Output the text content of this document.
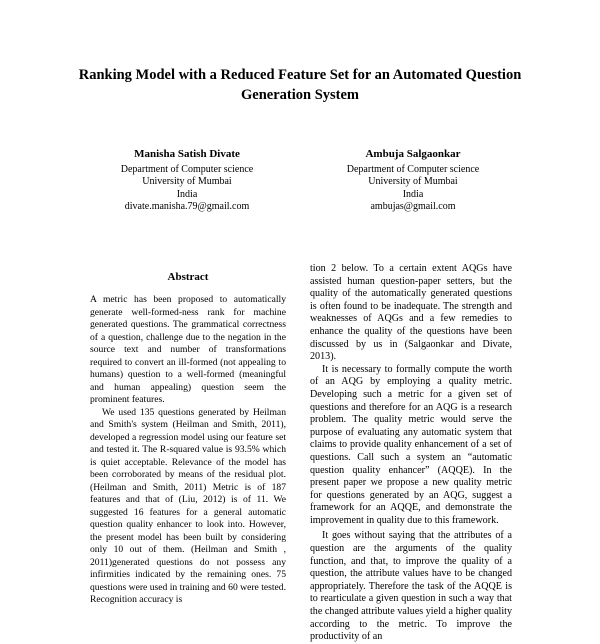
Ranking Model with a Reduced Feature Set for an Automated Question
Generation System
Manisha Satish Divate
Department of Computer science
University of Mumbai
India
divate.manisha.79@gmail.com
Ambuja Salgaonkar
Department of Computer science
University of Mumbai
India
ambujas@gmail.com
Abstract

A metric has been proposed to automatically generate well-formed-ness rank for machine generated questions. The grammatical correctness of a question, challenge due to the negation in the source text and number of transformations required to convert an ill-formed (not appealing to humans) question to a well-formed (meaningful and human appealing) question seem the prominent features.

We used 135 questions generated by Heilman and Smith's system (Heilman and Smith, 2011), developed a regression model using our feature set and tested it. The R-squared value is 93.5% which is quiet acceptable. Relevance of the model has been corroborated by means of the residual plot. (Heilman and Smith, 2011) Metric is of 187 features and that of (Liu, 2012) is of 11. We suggested 16 features for a general automatic question quality enhancer to look into. However, the present model has been built by considering only 10 out of them. (Heilman and Smith , 2011)generated questions do not possess any infirmities indicated by the remaining ones. 75 questions were used in training and 60 were tested. Recognition accuracy is

tion 2 below. To a certain extent AQGs have assisted human question-paper setters, but the quality of the automatically generated questions is often found to be inadequate. The strength and weaknesses of AQGs and a few remedies to enhance the quality of the questions have been discussed by us in (Salgaonkar and Divate, 2013).

It is necessary to formally compute the worth of an AQG by employing a quality metric. Developing such a metric for a given set of questions and therefore for an AQG is a research problem. The quality metric would serve the purpose of evaluating any automatic system that claims to provide quality enhancement of a set of questions. Call such a system an “automatic question quality enhancer” (AQQE). In the present paper we propose a new quality metric for questions generated by an AQG, suggest a framework for an AQQE, and demonstrate the improvement in quality due to this framework.

It goes without saying that the attributes of a question are the arguments of the quality function, and that, to improve the quality of a question, the attribute values have to be changed appropriately. Therefore the task of the AQQE is to rearticulate a given question in such a way that the changed attribute values yield a higher quality according to the metric. To improve the productivity of an
